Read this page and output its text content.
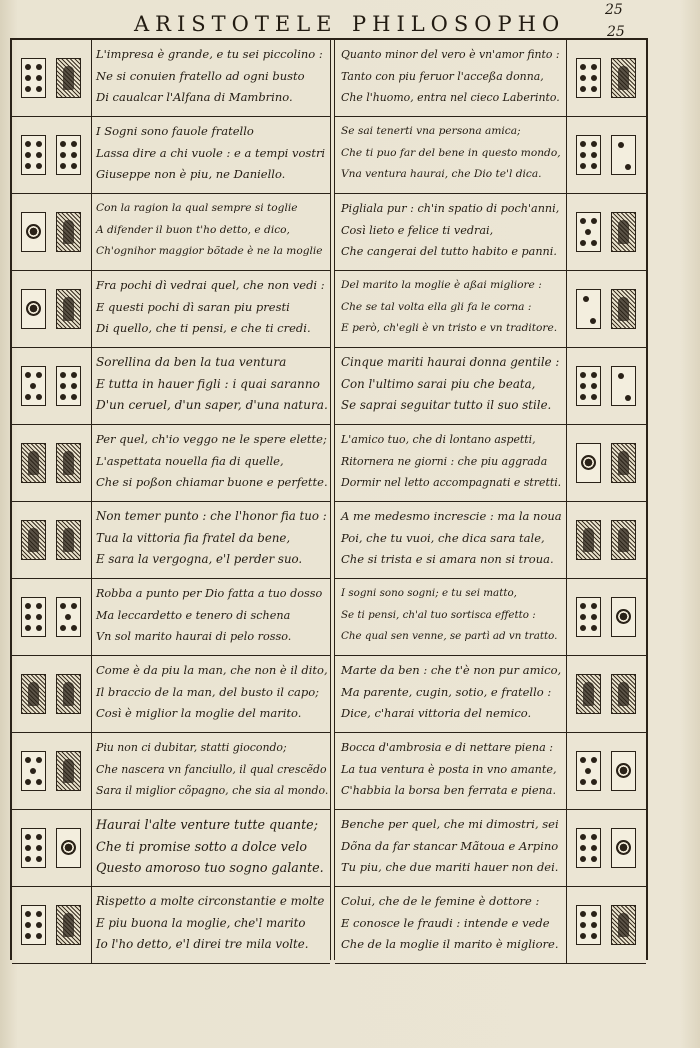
ARISTOTELE PHILOSOPHO
25
25
L'impresa è grande, e tu sei piccolino :
Ne si conuien fratello ad ogni busto
Di caualcar l'Alfana di Mambrino.
I Sogni sono fauole fratello
Lassa dire a chi vuole : e a tempi vostri
Giuseppe non è piu, ne Daniello.
Con la ragion la qual sempre si toglie
A difender il buon t'ho detto, e dico,
Ch'ognihor maggior bõtade è ne la moglie
Fra pochi dì vedrai quel, che non vedi :
E questi pochi dì saran piu presti
Di quello, che ti pensi, e che ti credi.
Sorellina da ben la tua ventura
E tutta in hauer figli : i quai saranno
D'un ceruel, d'un saper, d'una natura.
Per quel, ch'io veggo ne le spere elette;
L'aspettata nouella fia di quelle,
Che si poßon chiamar buone e perfette.
Non temer punto : che l'honor fia tuo :
Tua la vittoria fia fratel da bene,
E sara la vergogna, e'l perder suo.
Robba a punto per Dio fatta a tuo dosso
Ma leccardetto e tenero di schena
Vn sol marito haurai di pelo rosso.
Come è da piu la man, che non è il dito,
Il braccio de la man, del busto il capo;
Così è miglior la moglie del marito.
Piu non ci dubitar, statti giocondo;
Che nascera vn fanciullo, il qual crescẽdo
Sara il miglior cõpagno, che sia al mondo.
Haurai l'alte venture tutte quante;
Che ti promise sotto a dolce velo
Questo amoroso tuo sogno galante.
Rispetto a molte circonstantie e molte
E piu buona la moglie, che'l marito
Io l'ho detto, e'l direi tre mila volte.
Quanto minor del vero è vn'amor finto :
Tanto con piu feruor l'acceßa donna,
Che l'huomo, entra nel cieco Laberinto.
Se sai tenerti vna persona amica;
Che ti puo far del bene in questo mondo,
Vna ventura haurai, che Dio te'l dica.
Pigliala pur : ch'in spatio di poch'anni,
Così lieto e felice ti vedrai,
Che cangerai del tutto habito e panni.
Del marito la moglie è aßai migliore :
Che se tal volta ella gli fa le corna :
E però, ch'egli è vn tristo e vn traditore.
Cinque mariti haurai donna gentile :
Con l'ultimo sarai piu che beata,
Se saprai seguitar tutto il suo stile.
L'amico tuo, che di lontano aspetti,
Ritornera ne giorni : che piu aggrada
Dormir nel letto accompagnati e stretti.
A me medesmo increscie : ma la noua
Poi, che tu vuoi, che dica sara tale,
Che si trista e si amara non si troua.
I sogni sono sogni; e tu sei matto,
Se ti pensi, ch'al tuo sortisca effetto :
Che qual sen venne, se partì ad vn tratto.
Marte da ben : che t'è non pur amico,
Ma parente, cugin, sotio, e fratello :
Dice, c'harai vittoria del nemico.
Bocca d'ambrosia e di nettare piena :
La tua ventura è posta in vno amante,
C'habbia la borsa ben ferrata e piena.
Benche per quel, che mi dimostri, sei
Dõna da far stancar Mãtoua e Arpino
Tu piu, che due mariti hauer non dei.
Colui, che de le femine è dottore :
E conosce le fraudi : intende e vede
Che de la moglie il marito è migliore.
